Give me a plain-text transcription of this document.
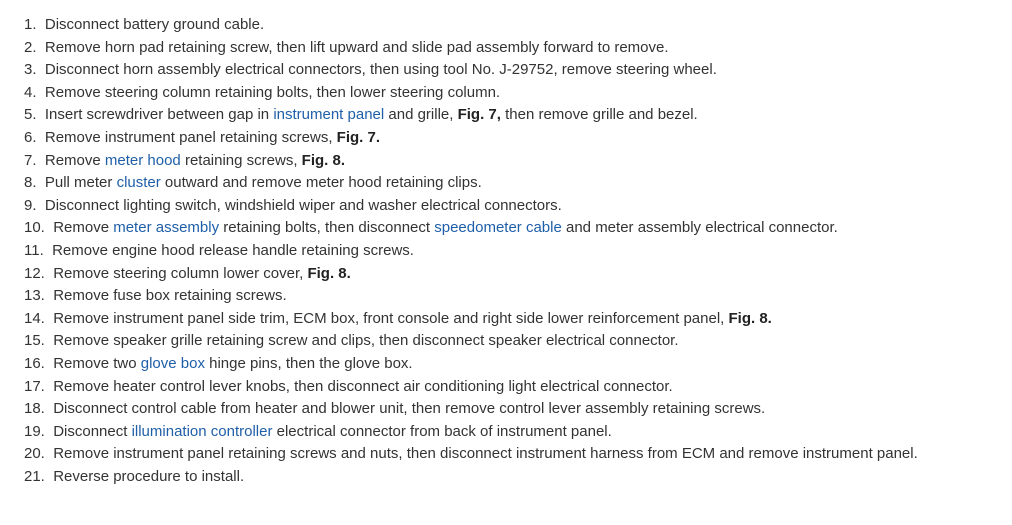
1.  Disconnect battery ground cable.
2.  Remove horn pad retaining screw, then lift upward and slide pad assembly forward to remove.
3.  Disconnect horn assembly electrical connectors, then using tool No. J-29752, remove steering wheel.
4.  Remove steering column retaining bolts, then lower steering column.
5.  Insert screwdriver between gap in instrument panel and grille, Fig. 7, then remove grille and bezel.
6.  Remove instrument panel retaining screws, Fig. 7.
7.  Remove meter hood retaining screws, Fig. 8.
8.  Pull meter cluster outward and remove meter hood retaining clips.
9.  Disconnect lighting switch, windshield wiper and washer electrical connectors.
10.  Remove meter assembly retaining bolts, then disconnect speedometer cable and meter assembly electrical connector.
11.  Remove engine hood release handle retaining screws.
12.  Remove steering column lower cover, Fig. 8.
13.  Remove fuse box retaining screws.
14.  Remove instrument panel side trim, ECM box, front console and right side lower reinforcement panel, Fig. 8.
15.  Remove speaker grille retaining screw and clips, then disconnect speaker electrical connector.
16.  Remove two glove box hinge pins, then the glove box.
17.  Remove heater control lever knobs, then disconnect air conditioning light electrical connector.
18.  Disconnect control cable from heater and blower unit, then remove control lever assembly retaining screws.
19.  Disconnect illumination controller electrical connector from back of instrument panel.
20.  Remove instrument panel retaining screws and nuts, then disconnect instrument harness from ECM and remove instrument panel.
21.  Reverse procedure to install.
